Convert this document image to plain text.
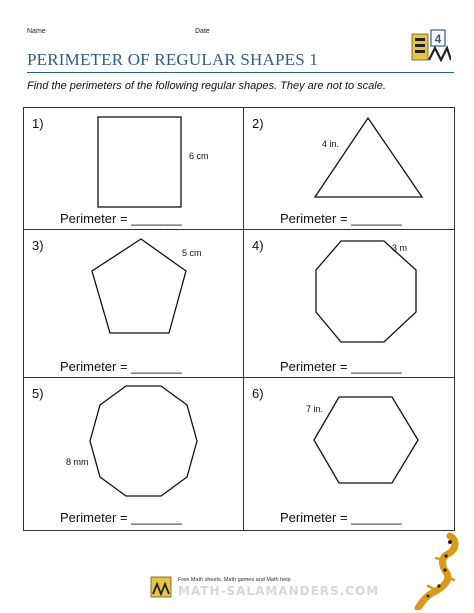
Name	Date
4
PERIMETER OF REGULAR SHAPES 1
Find the perimeters of the following regular shapes. They are not to scale.
1)
6 cm
Perimeter = _______
2)
4 in.
Perimeter = _______
3)	5 cm
Perimeter = _______
4)	3 m
Perimeter = _______
5)
8 mm
Perimeter = _______
6)
7 in.
Perimeter = _______
Free Math sheets, Math games and Math help
MATH-SALAMANDERS.COM
